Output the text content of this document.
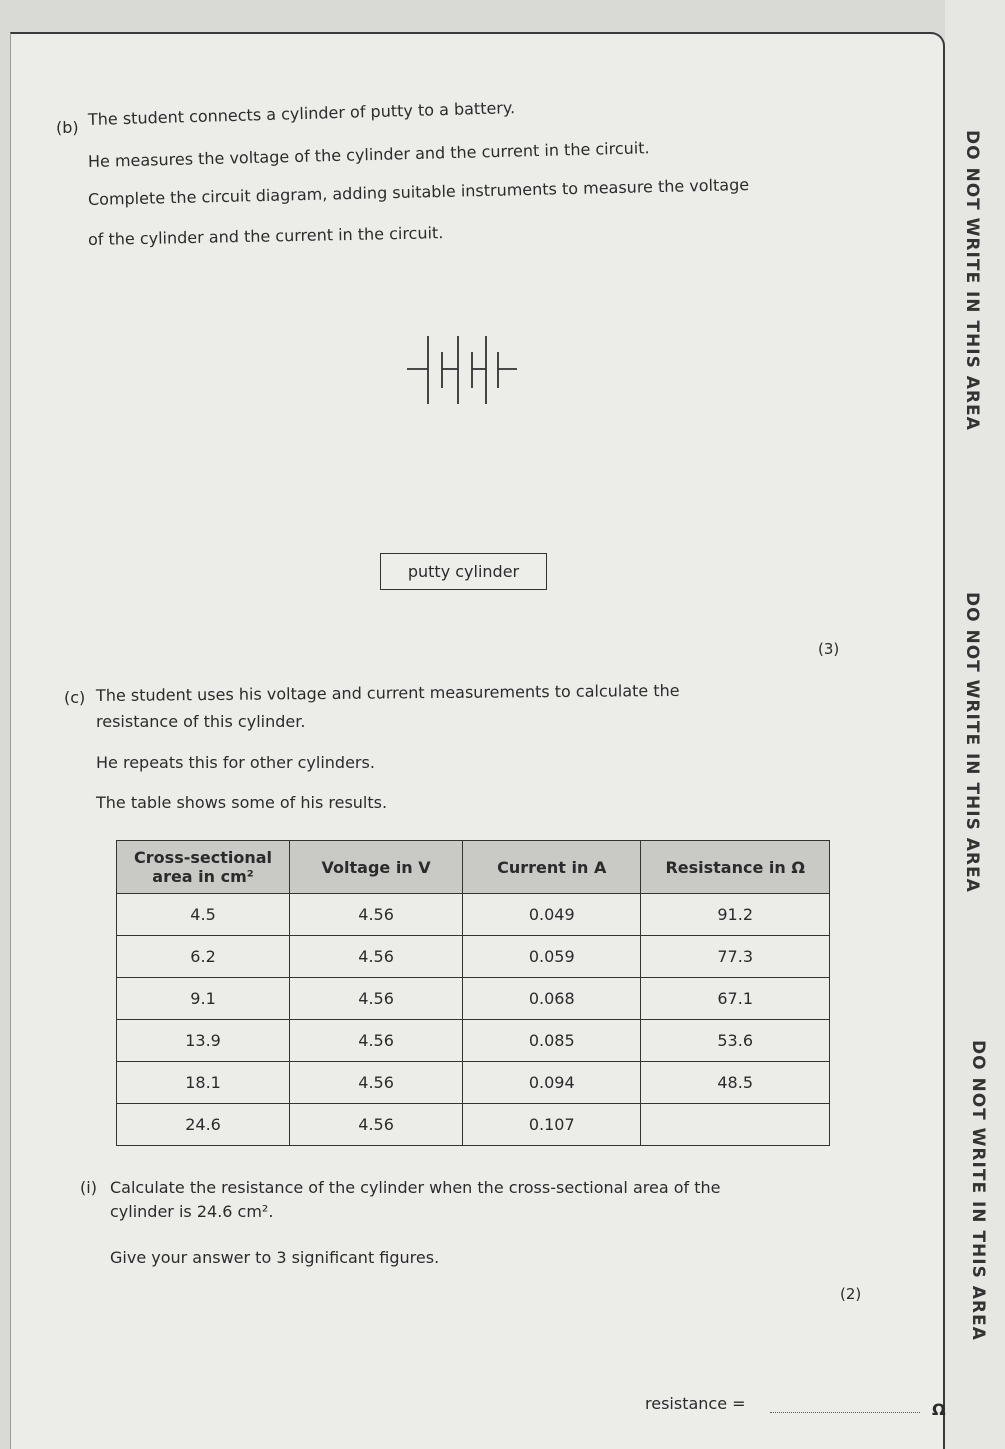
(b) The student connects a cylinder of putty to a battery.
He measures the voltage of the cylinder and the current in the circuit.
Complete the circuit diagram, adding suitable instruments to measure the voltage
of the cylinder and the current in the circuit.
putty cylinder
(3)
(c) The student uses his voltage and current measurements to calculate the
resistance of this cylinder.
He repeats this for other cylinders.
The table shows some of his results.
Cross-sectional
area in cm²	Voltage in V	Current in A	Resistance in Ω
4.5	4.56	0.049	91.2
6.2	4.56	0.059	77.3
9.1	4.56	0.068	67.1
13.9	4.56	0.085	53.6
18.1	4.56	0.094	48.5
24.6	4.56	0.107	
(i) Calculate the resistance of the cylinder when the cross-sectional area of the
cylinder is 24.6 cm².
Give your answer to 3 significant figures.
(2)
resistance =	Ω
DO NOT WRITE IN THIS AREA
DO NOT WRITE IN THIS AREA
DO NOT WRITE IN THIS AREA
